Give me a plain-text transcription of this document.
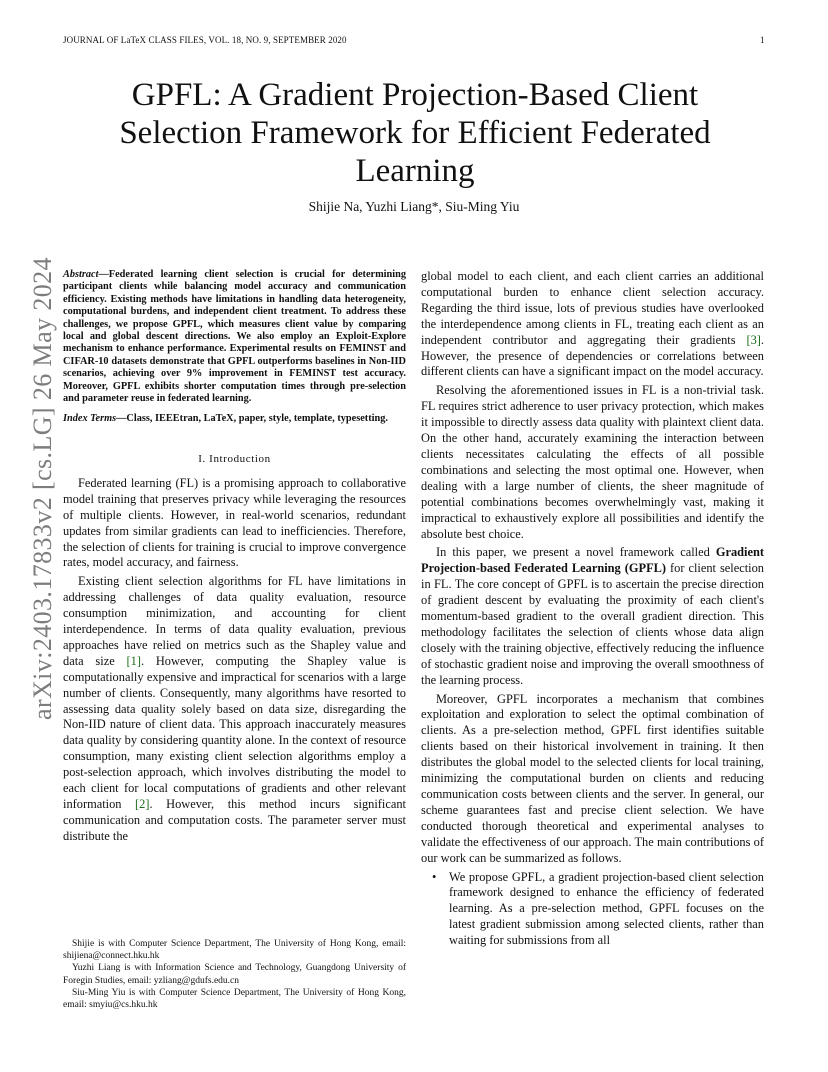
JOURNAL OF LaTeX CLASS FILES, VOL. 18, NO. 9, SEPTEMBER 2020	1
GPFL: A Gradient Projection-Based Client
Selection Framework for Efficient Federated
Learning
Shijie Na, Yuzhi Liang*, Siu-Ming Yiu
arXiv:2403.17833v2 [cs.LG] 26 May 2024 Abstract—Federated learning client selection is crucial for determining participant clients while balancing model accuracy and communication efficiency. Existing methods have limitations in handling data heterogeneity, computational burdens, and independent client treatment. To address these challenges, we propose GPFL, which measures client value by comparing local and global descent directions. We also employ an Exploit-Explore mechanism to enhance performance. Experimental results on FEMINST and CIFAR-10 datasets demonstrate that GPFL outperforms baselines in Non-IID scenarios, achieving over 9% improvement in FEMINST test accuracy. Moreover, GPFL exhibits shorter computation times through pre-selection and parameter reuse in federated learning.
Index Terms—Class, IEEEtran, LaTeX, paper, style, template, typesetting.
I. Introduction

Federated learning (FL) is a promising approach to collaborative model training that preserves privacy while leveraging the resources of multiple clients. However, in real-world scenarios, redundant updates from similar gradients can lead to inefficiencies. Therefore, the selection of clients for training is crucial to improve convergence rates, model accuracy, and fairness.

Existing client selection algorithms for FL have limitations in addressing challenges of data quality evaluation, resource consumption minimization, and accounting for client interdependence. In terms of data quality evaluation, previous approaches have relied on metrics such as the Shapley value and data size [1]. However, computing the Shapley value is computationally expensive and impractical for scenarios with a large number of clients. Consequently, many algorithms have resorted to assessing data quality solely based on data size, disregarding the Non-IID nature of client data. This approach inaccurately measures data quality by considering quantity alone. In the context of resource consumption, many existing client selection algorithms employ a post-selection approach, which involves distributing the model to each client for local computations of gradients and other relevant information [2]. However, this method incurs significant communication and computation costs. The parameter server must distribute the

Shijie is with Computer Science Department, The University of Hong Kong, email: shijiena@connect.hku.hk

Yuzhi Liang is with Information Science and Technology, Guangdong University of Foregin Studies, email: yzliang@gdufs.edu.cn

Siu-Ming Yiu is with Computer Science Department, The University of Hong Kong, email: smyiu@cs.hku.hk

global model to each client, and each client carries an additional computational burden to enhance client selection accuracy. Regarding the third issue, lots of previous studies have overlooked the interdependence among clients in FL, treating each client as an independent contributor and aggregating their gradients [3]. However, the presence of dependencies or correlations between different clients can have a significant impact on the model accuracy.

Resolving the aforementioned issues in FL is a non-trivial task. FL requires strict adherence to user privacy protection, which makes it impossible to directly assess data quality with plaintext client data. On the other hand, accurately examining the interaction between clients necessitates calculating the effects of all possible combinations and selecting the most optimal one. However, when dealing with a large number of clients, the sheer magnitude of potential combinations becomes overwhelmingly vast, making it impractical to exhaustively explore all possibilities and identify the absolute best choice.

In this paper, we present a novel framework called Gradient Projection-based Federated Learning (GPFL) for client selection in FL. The core concept of GPFL is to ascertain the precise direction of gradient descent by evaluating the proximity of each client's momentum-based gradient to the overall gradient direction. This methodology facilitates the selection of clients whose data align closely with the training objective, effectively reducing the influence of stochastic gradient noise and improving the overall smoothness of the learning process.

Moreover, GPFL incorporates a mechanism that combines exploitation and exploration to select the optimal combination of clients. As a pre-selection method, GPFL first identifies suitable clients based on their historical involvement in training. It then distributes the global model to the selected clients for local training, minimizing the computational burden on clients and reducing communication costs between clients and the server. In general, our scheme guarantees fast and precise client selection. We have conducted thorough theoretical and experimental analyses to validate the effectiveness of our approach. The main contributions of our work can be summarized as follows.

• We propose GPFL, a gradient projection-based client selection framework designed to enhance the efficiency of federated learning. As a pre-selection method, GPFL focuses on the latest gradient submission among selected clients, rather than waiting for submissions from all
